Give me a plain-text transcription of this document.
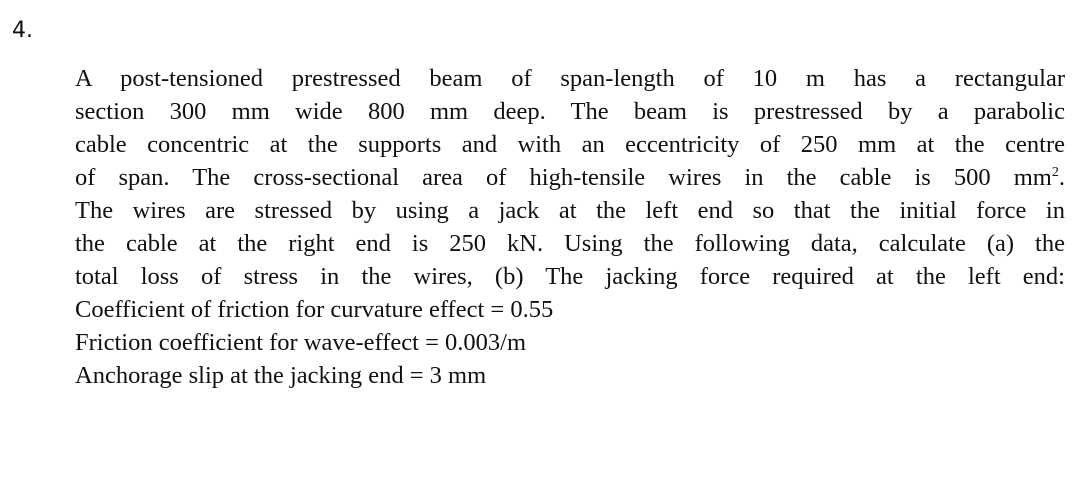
4.
A post-tensioned prestressed beam of span-length of 10 m has a rectangular
section 300 mm wide 800 mm deep. The beam is prestressed by a parabolic
cable concentric at the supports and with an eccentricity of 250 mm at the centre
of span. The cross-sectional area of high-tensile wires in the cable is 500 $mm^2$.
The wires are stressed by using a jack at the left end so that the initial force in
the cable at the right end is 250 kN. Using the following data, calculate (a) the
total loss of stress in the wires, (b) The jacking force required at the left end:
Coefficient of friction for curvature effect = 0.55
Friction coefficient for wave-effect = 0.003/m
Anchorage slip at the jacking end = 3 mm
